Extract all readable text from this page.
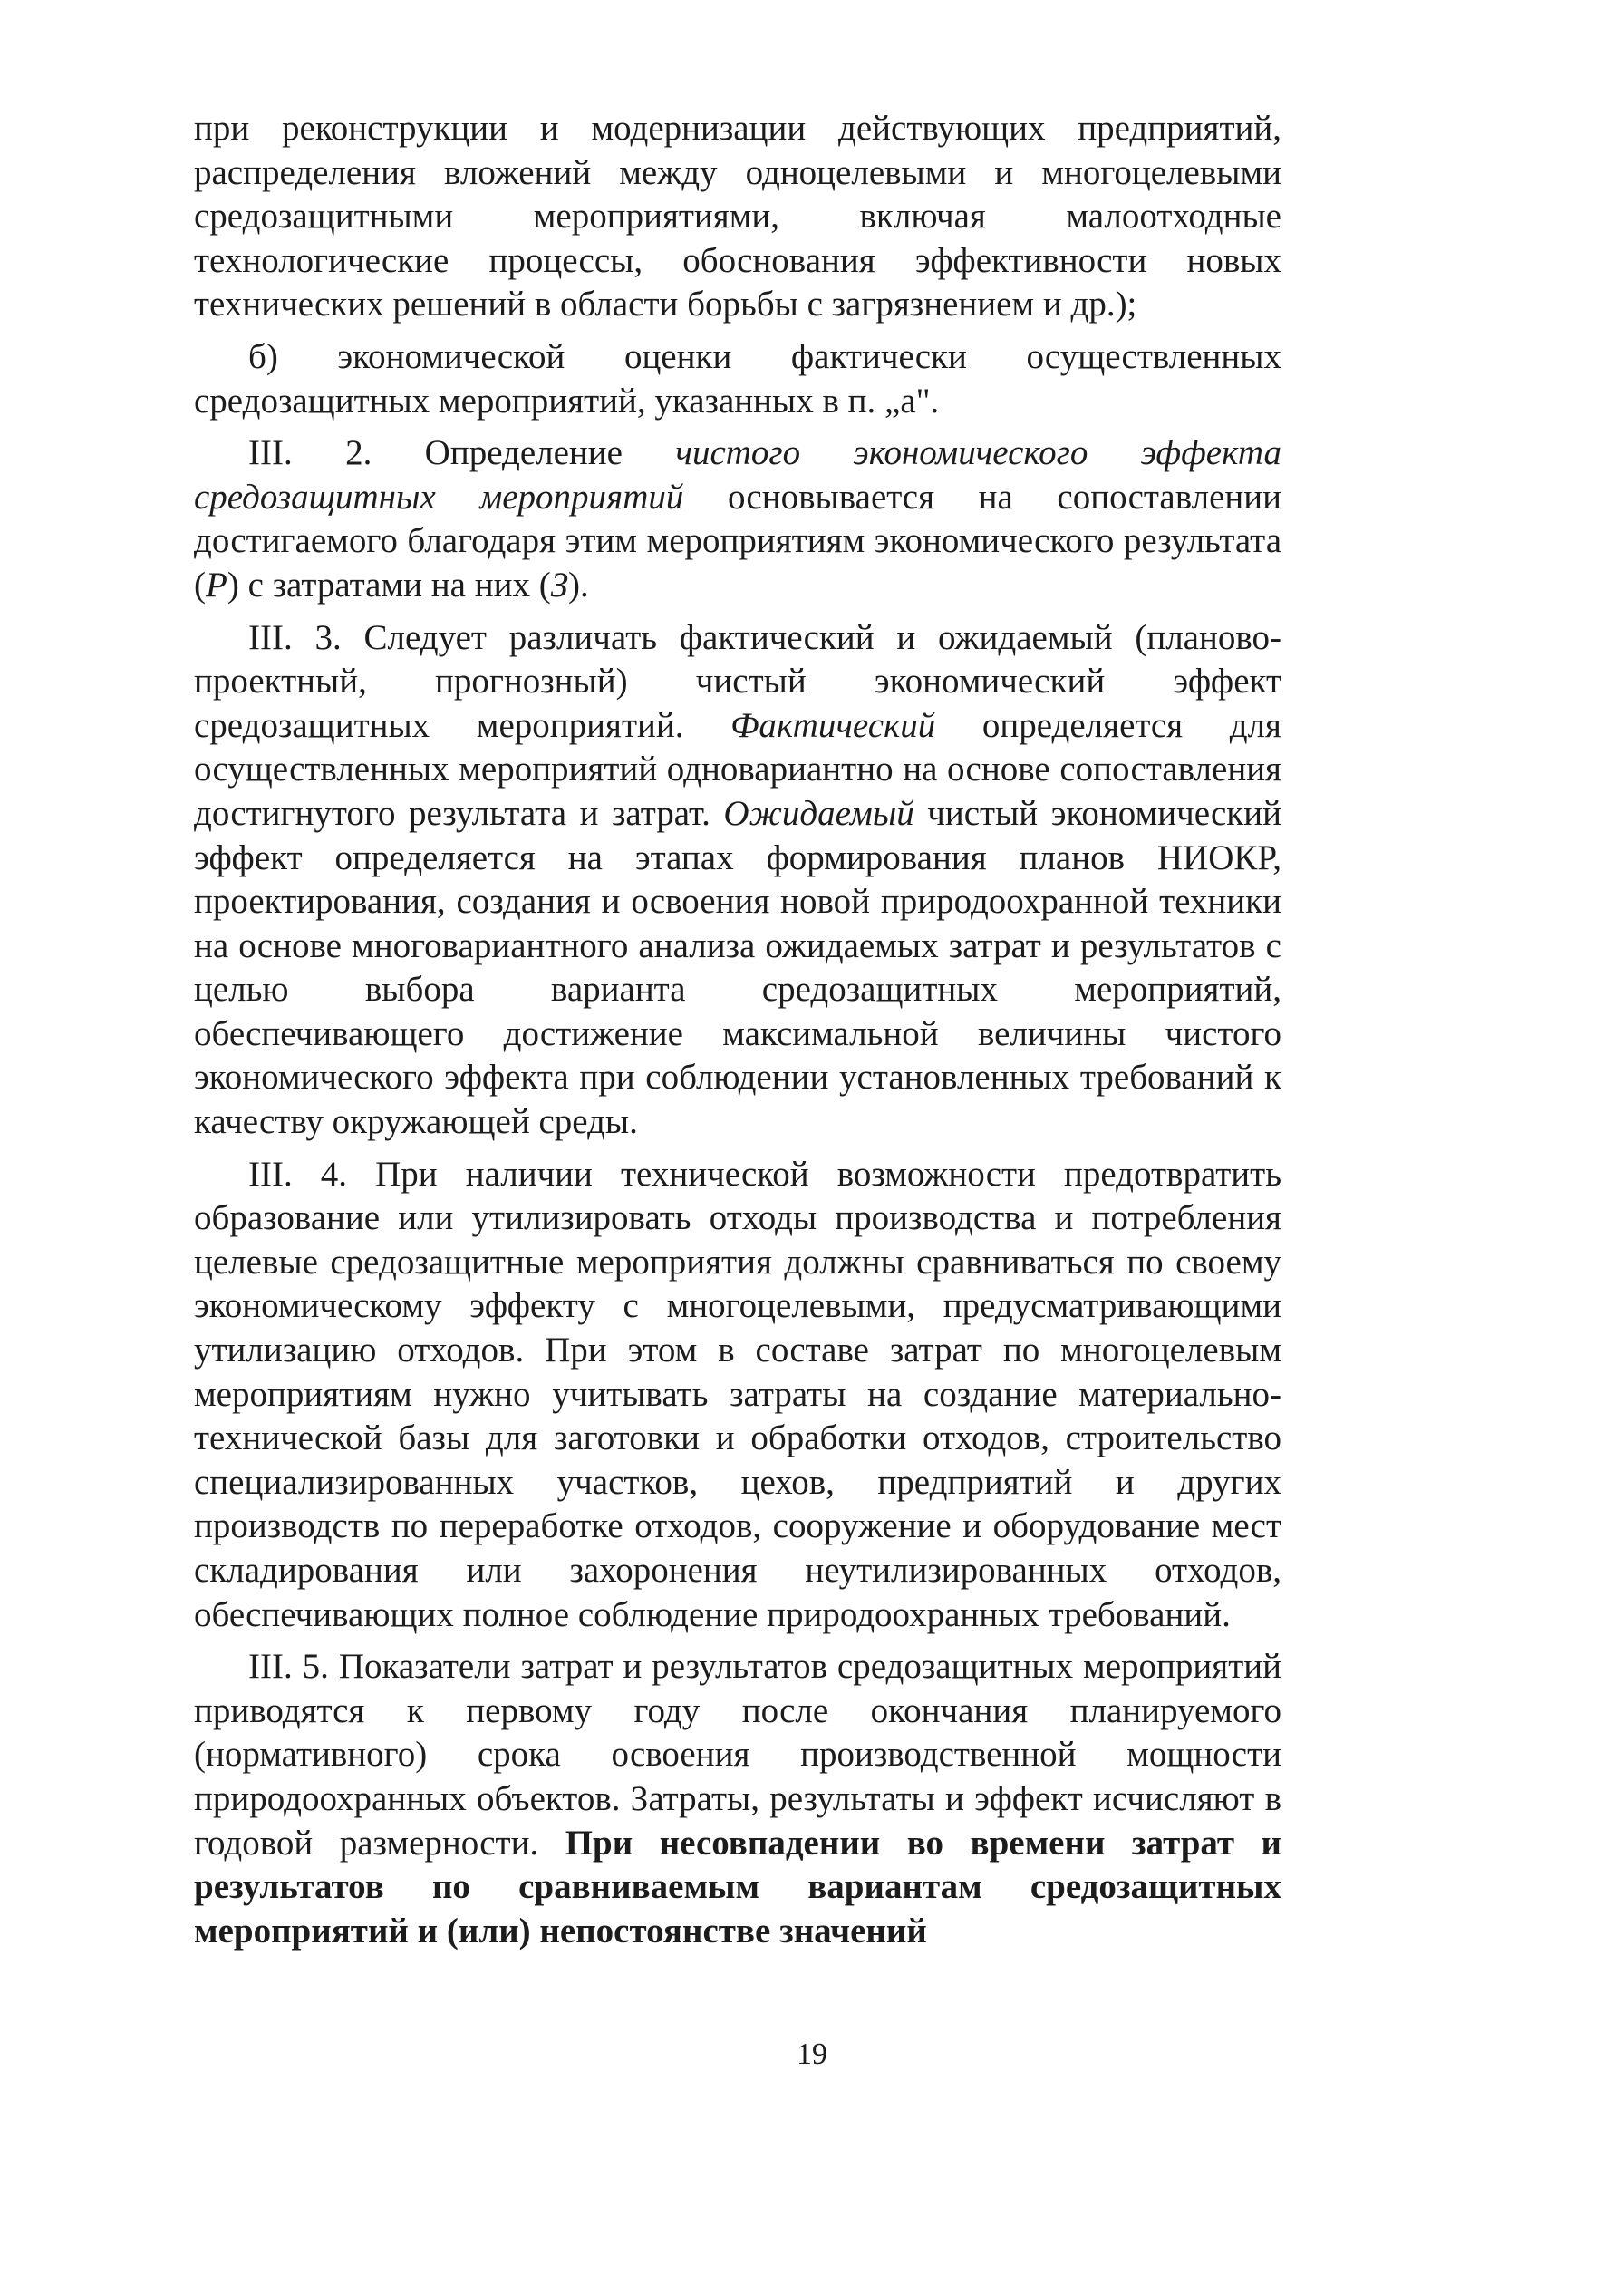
при реконструкции и модернизации действующих предприятий, распределения вложений между одноцелевыми и многоцелевыми средозащитными мероприятиями, включая малоотходные технологические процессы, обоснования эффективности новых технических решений в области борьбы с загрязнением и др.);

б) экономической оценки фактически осуществленных средозащитных мероприятий, указанных в п. „а".

III. 2. Определение чистого экономического эффекта средозащитных мероприятий основывается на сопоставлении достигаемого благодаря этим мероприятиям экономического результата (Р) с затратами на них (З).

III. 3. Следует различать фактический и ожидаемый (планово-проектный, прогнозный) чистый экономический эффект средозащитных мероприятий. Фактический определяется для осуществленных мероприятий одновариантно на основе сопоставления достигнутого результата и затрат. Ожидаемый чистый экономический эффект определяется на этапах формирования планов НИОКР, проектирования, создания и освоения новой природоохранной техники на основе многовариантного анализа ожидаемых затрат и результатов с целью выбора варианта средозащитных мероприятий, обеспечивающего достижение максимальной величины чистого экономического эффекта при соблюдении установленных требований к качеству окружающей среды.

III. 4. При наличии технической возможности предотвратить образование или утилизировать отходы производства и потребления целевые средозащитные мероприятия должны сравниваться по своему экономическому эффекту с многоцелевыми, предусматривающими утилизацию отходов. При этом в составе затрат по многоцелевым мероприятиям нужно учитывать затраты на создание материально-технической базы для заготовки и обработки отходов, строительство специализированных участков, цехов, предприятий и других производств по переработке отходов, сооружение и оборудование мест складирования или захоронения неутилизированных отходов, обеспечивающих полное соблюдение природоохранных требований.

III. 5. Показатели затрат и результатов средозащитных мероприятий приводятся к первому году после окончания планируемого (нормативного) срока освоения производственной мощности природоохранных объектов. Затраты, результаты и эффект исчисляют в годовой размерности. При несовпадении во времени затрат и результатов по сравниваемым вариантам средозащитных мероприятий и (или) непостоянстве значений

19
